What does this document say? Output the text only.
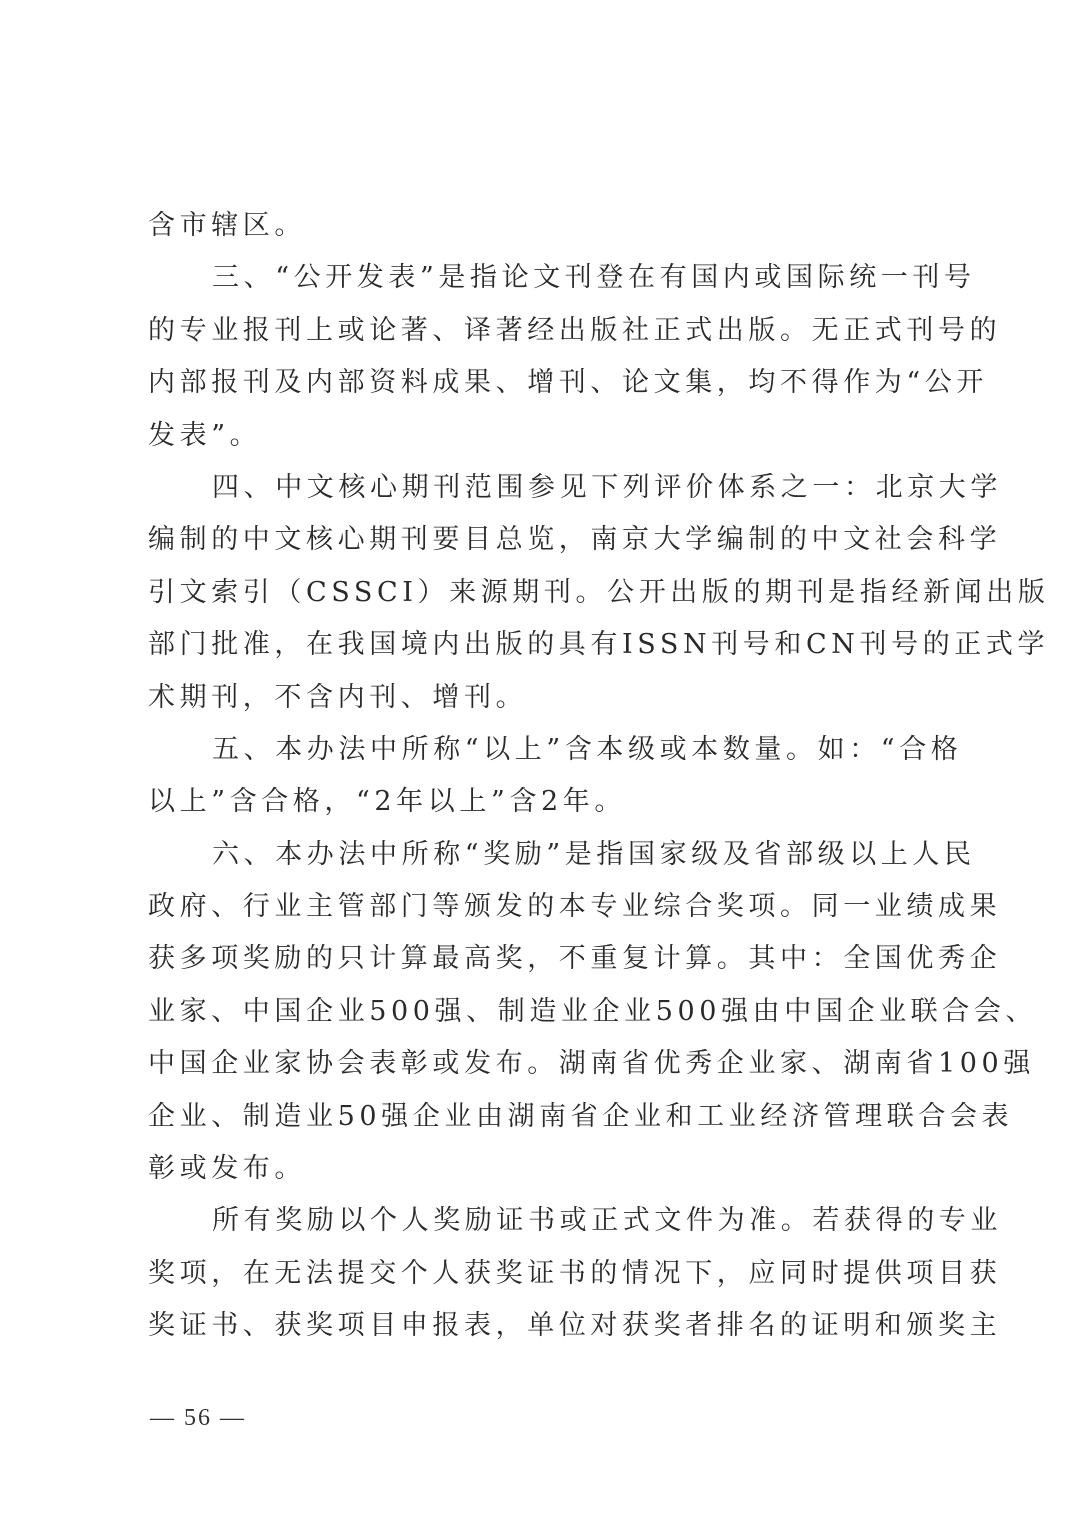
含市辖区。
三、“公开发表”是指论文刊登在有国内或国际统一刊号
的专业报刊上或论著、译著经出版社正式出版。无正式刊号的
内部报刊及内部资料成果、增刊、论文集，均不得作为“公开
发表”。
四、中文核心期刊范围参见下列评价体系之一：北京大学
编制的中文核心期刊要目总览，南京大学编制的中文社会科学
引文索引（CSSCI）来源期刊。公开出版的期刊是指经新闻出版
部门批准，在我国境内出版的具有ISSN刊号和CN刊号的正式学
术期刊，不含内刊、增刊。
五、本办法中所称“以上”含本级或本数量。如：“合格
以上”含合格，“2年以上”含2年。
六、本办法中所称“奖励”是指国家级及省部级以上人民
政府、行业主管部门等颁发的本专业综合奖项。同一业绩成果
获多项奖励的只计算最高奖，不重复计算。其中：全国优秀企
业家、中国企业500强、制造业企业500强由中国企业联合会、
中国企业家协会表彰或发布。湖南省优秀企业家、湖南省100强
企业、制造业50强企业由湖南省企业和工业经济管理联合会表
彰或发布。
所有奖励以个人奖励证书或正式文件为准。若获得的专业
奖项，在无法提交个人获奖证书的情况下，应同时提供项目获
奖证书、获奖项目申报表，单位对获奖者排名的证明和颁奖主
— 56 —
